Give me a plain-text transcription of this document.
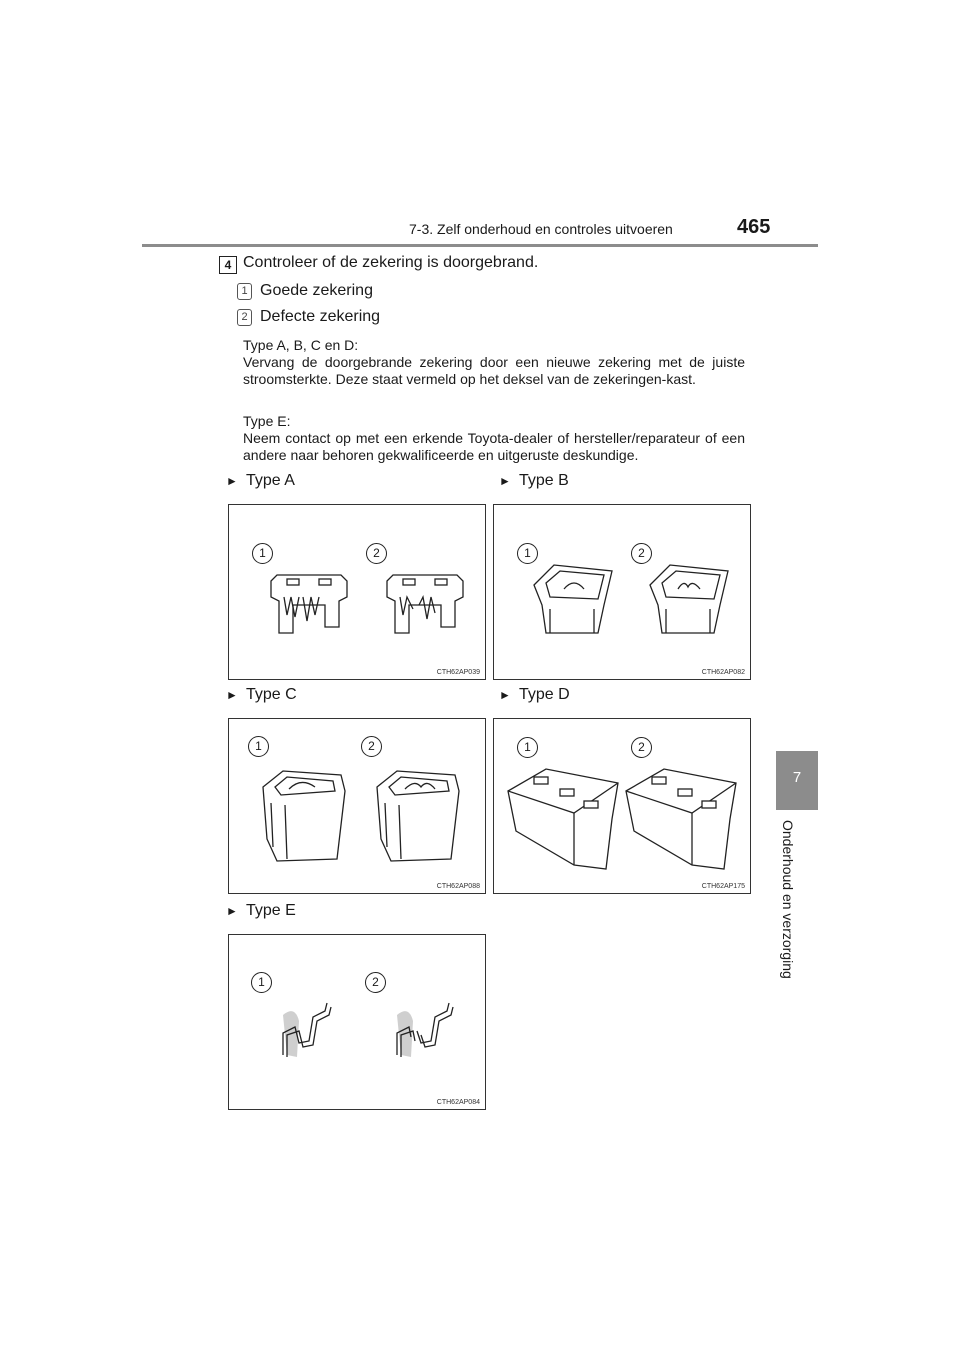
7-3. Zelf onderhoud en controles uitvoeren	465
7
Onderhoud en verzorging
4 Controleer of de zekering is doorgebrand.
1 Goede zekering
2 Defecte zekering
Type A, B, C en D:
Vervang de doorgebrande zekering door een nieuwe zekering met de juiste stroomsterkte. Deze staat vermeld op het deksel van de zekeringen-kast.
Type E:
Neem contact op met een erkende Toyota-dealer of hersteller/reparateur of een andere naar behoren gekwalificeerde en uitgeruste deskundige.
► Type A	► Type B
► Type C	► Type D
► Type E
1	2
CTH62AP039
1	2
CTH62AP082
1	2
CTH62AP088
1	2
CTH62AP175
1	2
CTH62AP084
